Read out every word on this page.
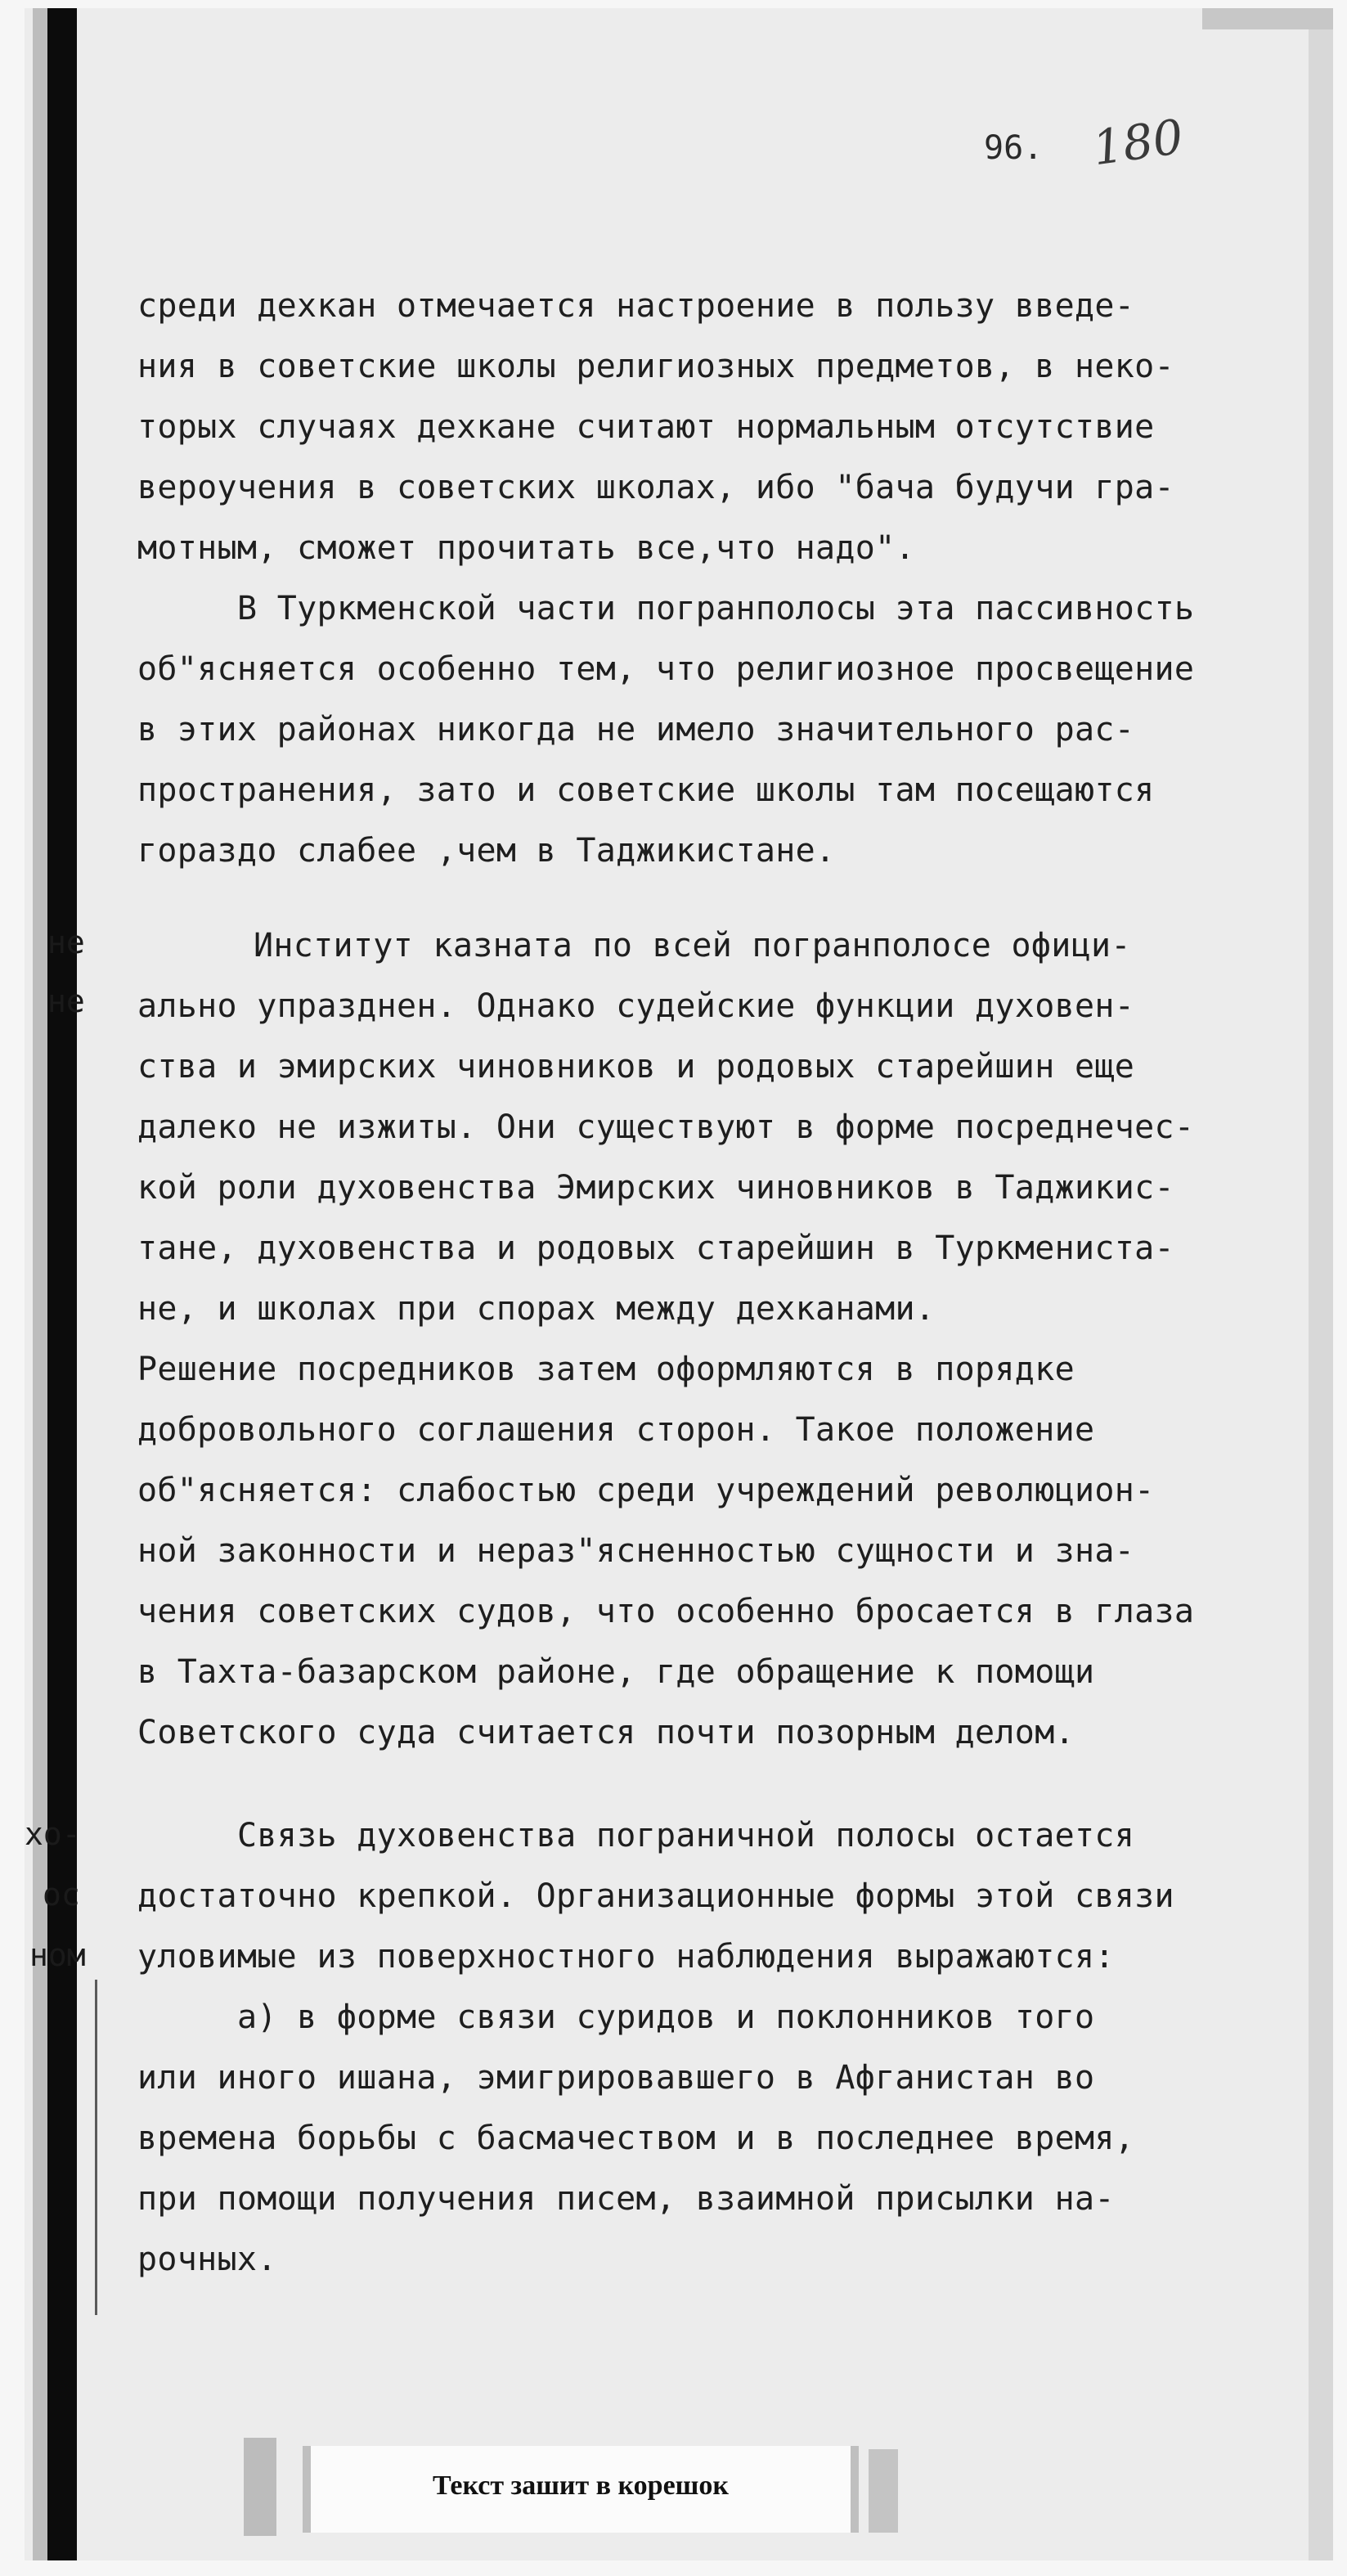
96. 180
среди дехкан отмечается настроение в пользу введе-
ния в советские школы религиозных предметов, в неко-
торых случаях дехкане считают нормальным отсутствие
вероучения в советских школах, ибо "бача будучи гра-
мотным, сможет прочитать все,что надо".
В Туркменской части погранполосы эта пассивность
об"ясняется особенно тем, что религиозное просвещение
в этих районах никогда не имело значительного рас-
пространения, зато и советские школы там посещаются
гораздо слабее ,чем в Таджикистане.
не
не
Институт казната по всей погранполосе офици-
ально упразднен. Однако судейские функции духовен-
ства и эмирских чиновников и родовых старейшин еще
далеко не изжиты. Они существуют в форме посреднечес-
кой роли духовенства Эмирских чиновников в Таджикис-
тане, духовенства и родовых старейшин в Туркмениста-
не, и школах при спорах между дехканами.
Решение посредников затем оформляются в порядке
добровольного соглашения сторон. Такое положение
об"ясняется: слабостью среди учреждений революцион-
ной законности и нераз"ясненностью сущности и зна-
чения советских судов, что особенно бросается в глаза
в Тахта-базарском районе, где обращение к помощи
Советского суда считается почти позорным делом.
хо-
ос
ном
Связь духовенства пограничной полосы остается
достаточно крепкой. Организационные формы этой связи
уловимые из поверхностного наблюдения выражаются:
а) в форме связи суридов и поклонников того
или иного ишана, эмигрировавшего в Афганистан во
времена борьбы с басмачеством и в последнее время,
при помощи получения писем, взаимной присылки на-
рочных.
Текст зашит в корешок
